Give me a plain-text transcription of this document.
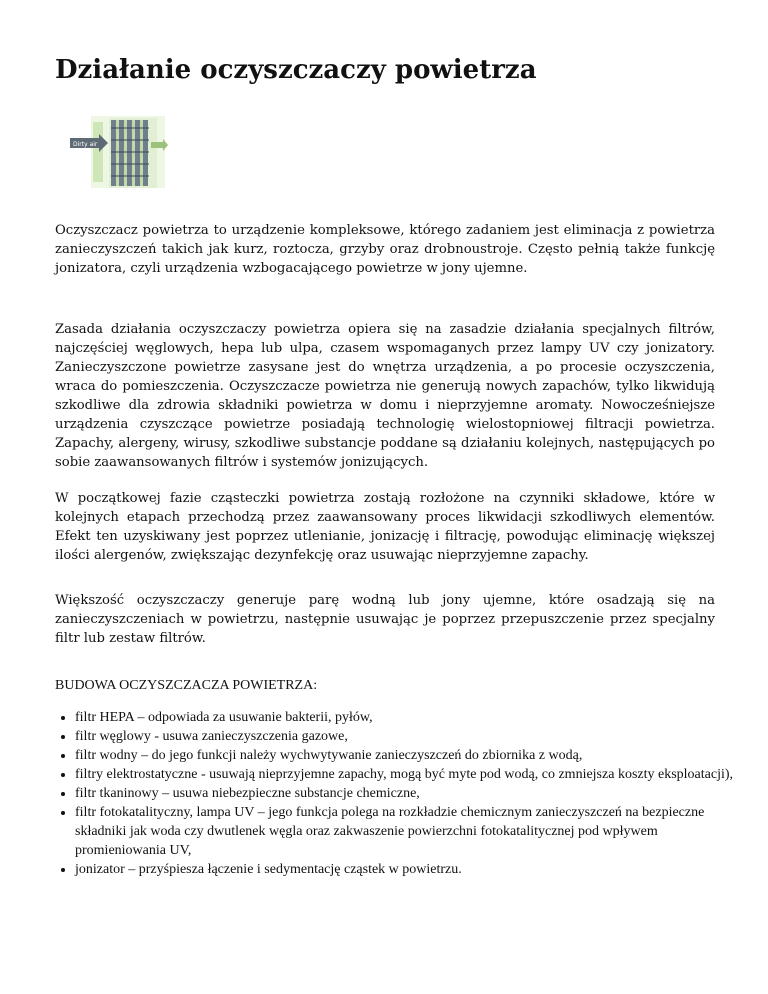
Działanie oczyszczaczy powietrza
Dirty air

Oczyszczacz powietrza to urządzenie kompleksowe, którego zadaniem jest eliminacja z powietrza zanieczyszczeń takich jak kurz, roztocza, grzyby oraz drobnoustroje. Często pełnią także funkcję jonizatora, czyli urządzenia wzbogacającego powietrze w jony ujemne.

Zasada działania oczyszczaczy powietrza opiera się na zasadzie działania specjalnych filtrów, najczęściej węglowych, hepa lub ulpa, czasem wspomaganych przez lampy UV czy jonizatory. Zanieczyszczone powietrze zasysane jest do wnętrza urządzenia, a po procesie oczyszczenia, wraca do pomieszczenia. Oczyszczacze powietrza nie generują nowych zapachów, tylko likwidują szkodliwe dla zdrowia składniki powietrza w domu i nieprzyjemne aromaty. Nowocześniejsze urządzenia czyszczące powietrze posiadają technologię wielostopniowej filtracji powietrza. Zapachy, alergeny, wirusy, szkodliwe substancje poddane są działaniu kolejnych, następujących po sobie zaawansowanych filtrów i systemów jonizujących.

W początkowej fazie cząsteczki powietrza zostają rozłożone na czynniki składowe, które w kolejnych etapach przechodzą przez zaawansowany proces likwidacji szkodliwych elementów. Efekt ten uzyskiwany jest poprzez utlenianie, jonizację i filtrację, powodując eliminację większej ilości alergenów, zwiększając dezynfekcję oraz usuwając nieprzyjemne zapachy.

Większość oczyszczaczy generuje parę wodną lub jony ujemne, które osadzają się na zanieczyszczeniach w powietrzu, następnie usuwając je poprzez przepuszczenie przez specjalny filtr lub zestaw filtrów.

BUDOWA OCZYSZCZACZA POWIETRZA:

• filtr HEPA – odpowiada za usuwanie bakterii, pyłów,
• filtr węglowy - usuwa zanieczyszczenia gazowe,
• filtr wodny – do jego funkcji należy wychwytywanie zanieczyszczeń do zbiornika z wodą,
• filtry elektrostatyczne - usuwają nieprzyjemne zapachy, mogą być myte pod wodą, co zmniejsza koszty eksploatacji),
• filtr tkaninowy – usuwa niebezpieczne substancje chemiczne,
• filtr fotokatalityczny, lampa UV – jego funkcja polega na rozkładzie chemicznym zanieczyszczeń na bezpieczne składniki jak woda czy dwutlenek węgla oraz zakwaszenie powierzchni fotokatalitycznej pod wpływem promieniowania UV,
• jonizator – przyśpiesza łączenie i sedymentację cząstek w powietrzu.
